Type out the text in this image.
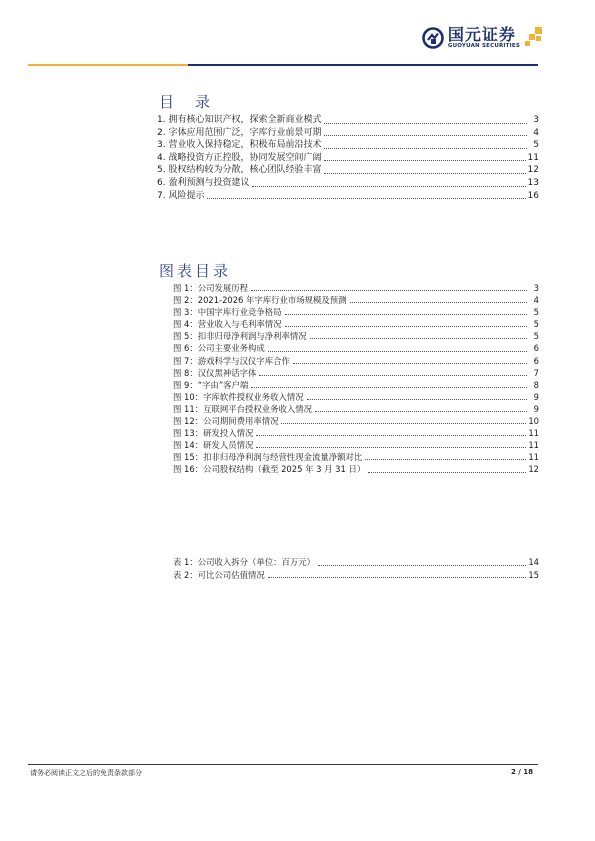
国元证券
GUOYUAN SECURITIES
目　录
1. 拥有核心知识产权，探索全新商业模式	3
2. 字体应用范围广泛，字库行业前景可期	4
3. 营业收入保持稳定，积极布局前沿技术	5
4. 战略投资方正控股，协同发展空间广阔	11
5. 股权结构较为分散，核心团队经验丰富	12
6. 盈利预测与投资建议	13
7. 风险提示	16
图表目录
图 1：公司发展历程	3
图 2：2021-2026 年字库行业市场规模及预测	4
图 3：中国字库行业竞争格局	5
图 4：营业收入与毛利率情况	5
图 5：扣非归母净利润与净利率情况	5
图 6：公司主要业务构成	6
图 7：游戏科学与汉仪字库合作	6
图 8：汉仪黑神话字体	7
图 9：“字由”客户端	8
图 10：字库软件授权业务收入情况	9
图 11：互联网平台授权业务收入情况	9
图 12：公司期间费用率情况	10
图 13：研发投入情况	11
图 14：研发人员情况	11
图 15：扣非归母净利润与经营性现金流量净额对比	11
图 16：公司股权结构（截至 2025 年 3 月 31 日）	12
表 1：公司收入拆分（单位：百万元）	14
表 2：可比公司估值情况	15
请务必阅读正文之后的免责条款部分	2 / 18
